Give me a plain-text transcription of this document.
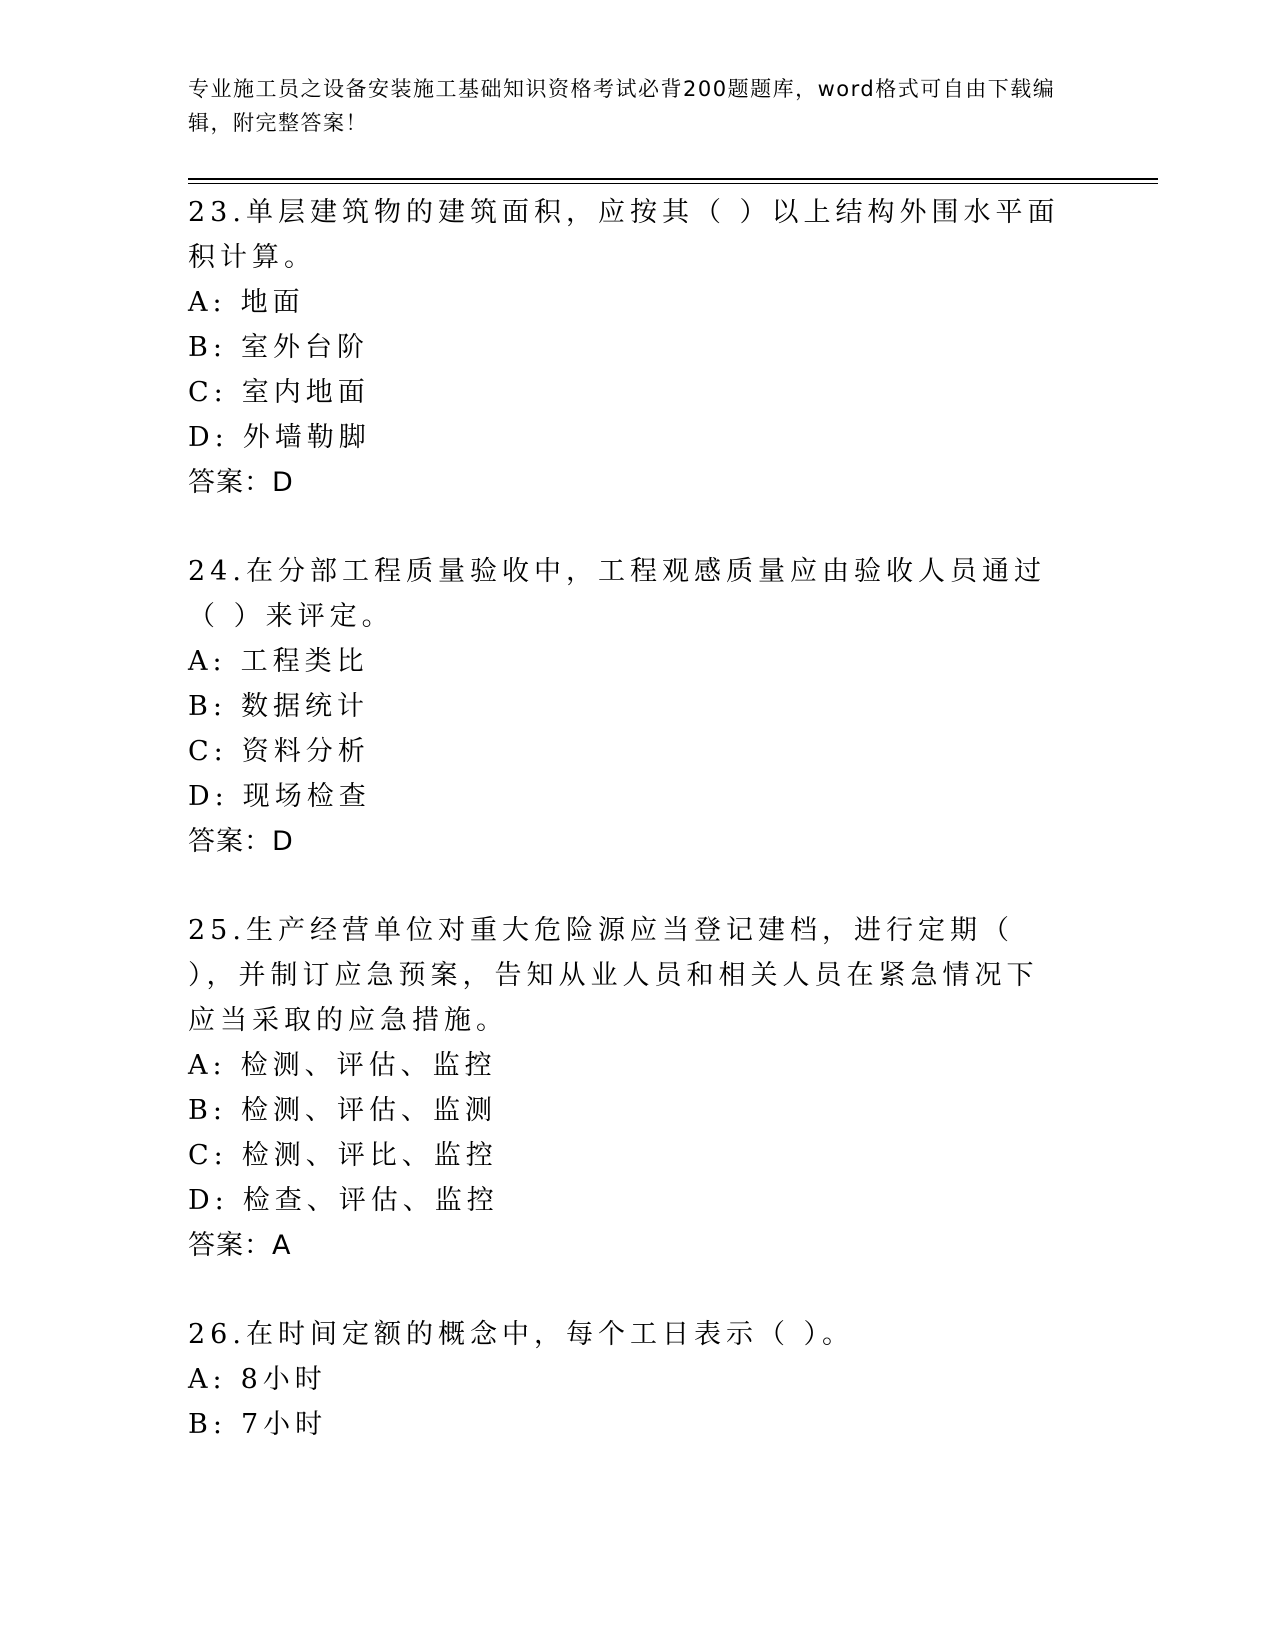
专业施工员之设备安装施工基础知识资格考试必背200题题库，word格式可自由下载编辑，附完整答案！

23.单层建筑物的建筑面积，应按其（ ）以上结构外围水平面积计算。

A: 地面

B: 室外台阶

C: 室内地面

D: 外墙勒脚

答案：D

24.在分部工程质量验收中，工程观感质量应由验收人员通过（ ）来评定。

A: 工程类比

B: 数据统计

C: 资料分析

D: 现场检查

答案：D

25.生产经营单位对重大危险源应当登记建档，进行定期（ ），并制订应急预案，告知从业人员和相关人员在紧急情况下应当采取的应急措施。

A: 检测、评估、监控

B: 检测、评估、监测

C: 检测、评比、监控

D: 检查、评估、监控

答案：A

26.在时间定额的概念中，每个工日表示（ ）。

A: 8小时

B: 7小时
